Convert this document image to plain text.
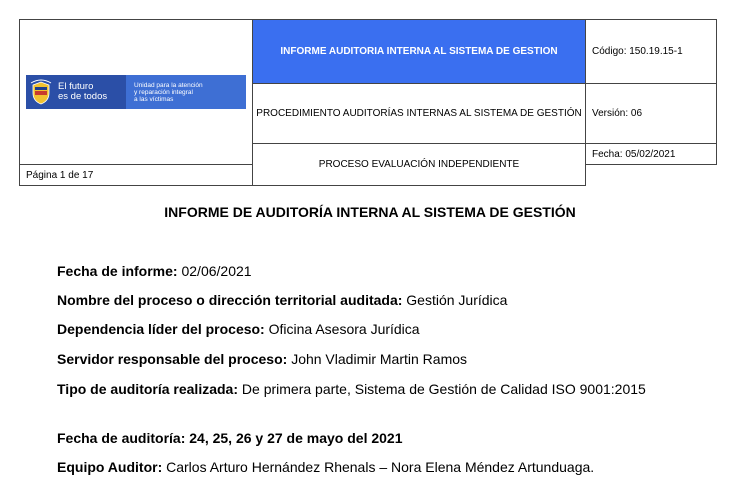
El futuro
es de todos
Unidad para la atención
y reparación integral
a las víctimas	INFORME AUDITORIA INTERNA AL SISTEMA DE GESTION	Código: 150.19.15-1
	PROCEDIMIENTO AUDITORÍAS INTERNAS AL SISTEMA DE GESTIÓN	Versión: 06
	PROCESO EVALUACIÓN INDEPENDIENTE	Fecha: 05/02/2021
Página 1 de 17		
INFORME DE AUDITORÍA INTERNA AL SISTEMA DE GESTIÓN
Fecha de informe: 02/06/2021
Nombre del proceso o dirección territorial auditada: Gestión Jurídica
Dependencia líder del proceso: Oficina Asesora Jurídica
Servidor responsable del proceso: John Vladimir Martin Ramos
Tipo de auditoría realizada: De primera parte, Sistema de Gestión de Calidad ISO 9001:2015
Fecha de auditoría: 24, 25, 26 y 27 de mayo del 2021
Equipo Auditor: Carlos Arturo Hernández Rhenals – Nora Elena Méndez Artunduaga.
